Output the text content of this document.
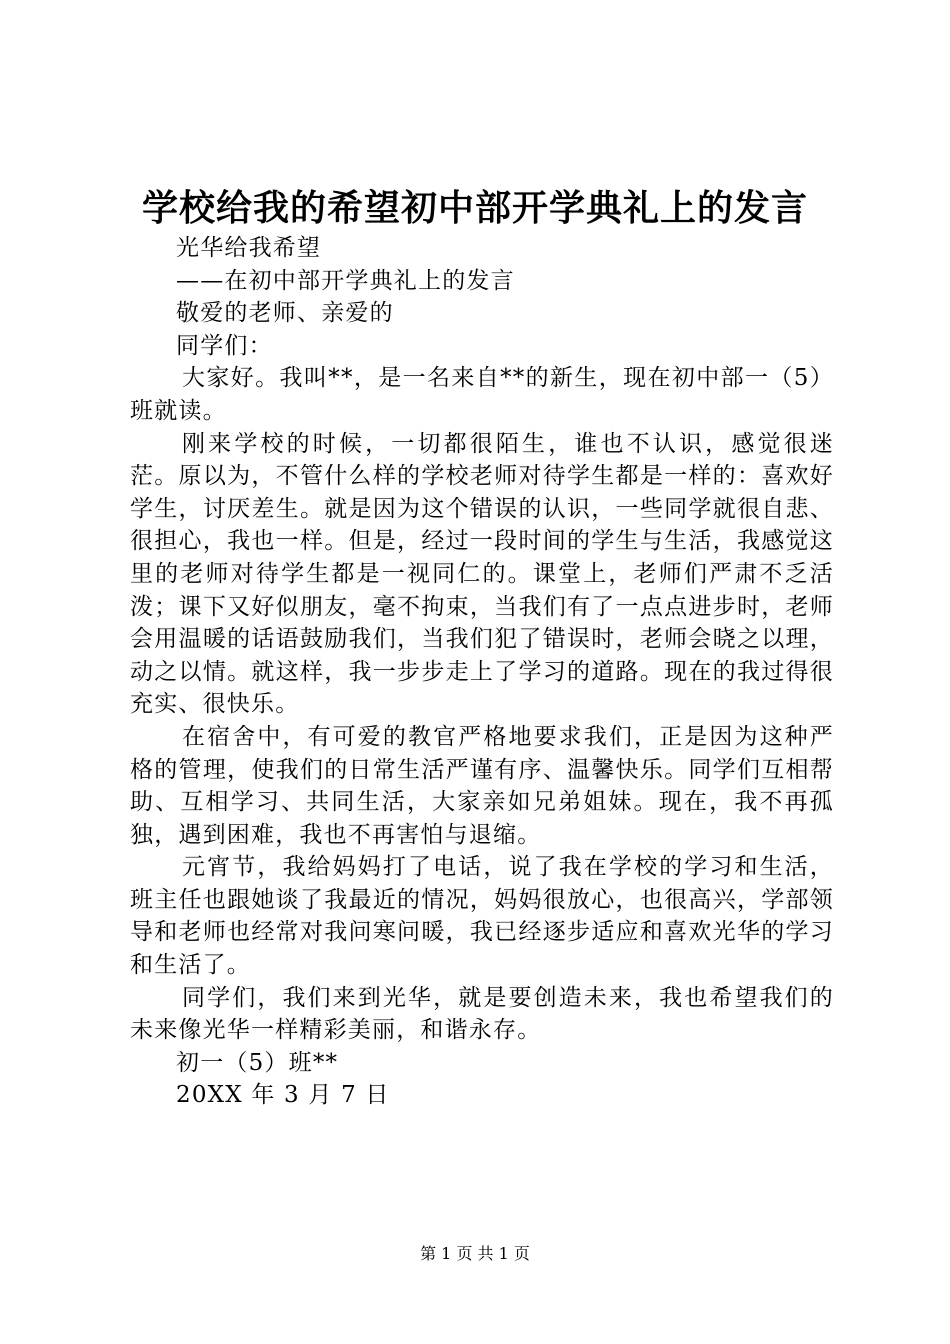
学校给我的希望初中部开学典礼上的发言
光华给我希望
——在初中部开学典礼上的发言
敬爱的老师、亲爱的
同学们：
大家好。我叫**，是一名来自**的新生，现在初中部一（5）班就读。
刚来学校的时候，一切都很陌生，谁也不认识，感觉很迷茫。原以为，不管什么样的学校老师对待学生都是一样的：喜欢好学生，讨厌差生。就是因为这个错误的认识，一些同学就很自悲、很担心，我也一样。但是，经过一段时间的学生与生活，我感觉这里的老师对待学生都是一视同仁的。课堂上，老师们严肃不乏活泼；课下又好似朋友，毫不拘束，当我们有了一点点进步时，老师会用温暖的话语鼓励我们，当我们犯了错误时，老师会晓之以理，动之以情。就这样，我一步步走上了学习的道路。现在的我过得很充实、很快乐。
在宿舍中，有可爱的教官严格地要求我们，正是因为这种严格的管理，使我们的日常生活严谨有序、温馨快乐。同学们互相帮助、互相学习、共同生活，大家亲如兄弟姐妹。现在，我不再孤独，遇到困难，我也不再害怕与退缩。
元宵节，我给妈妈打了电话，说了我在学校的学习和生活，班主任也跟她谈了我最近的情况，妈妈很放心，也很高兴，学部领导和老师也经常对我问寒问暖，我已经逐步适应和喜欢光华的学习和生活了。
同学们，我们来到光华，就是要创造未来，我也希望我们的未来像光华一样精彩美丽，和谐永存。
初一（5）班**
20XX 年 3 月 7 日
第 1 页 共 1 页
